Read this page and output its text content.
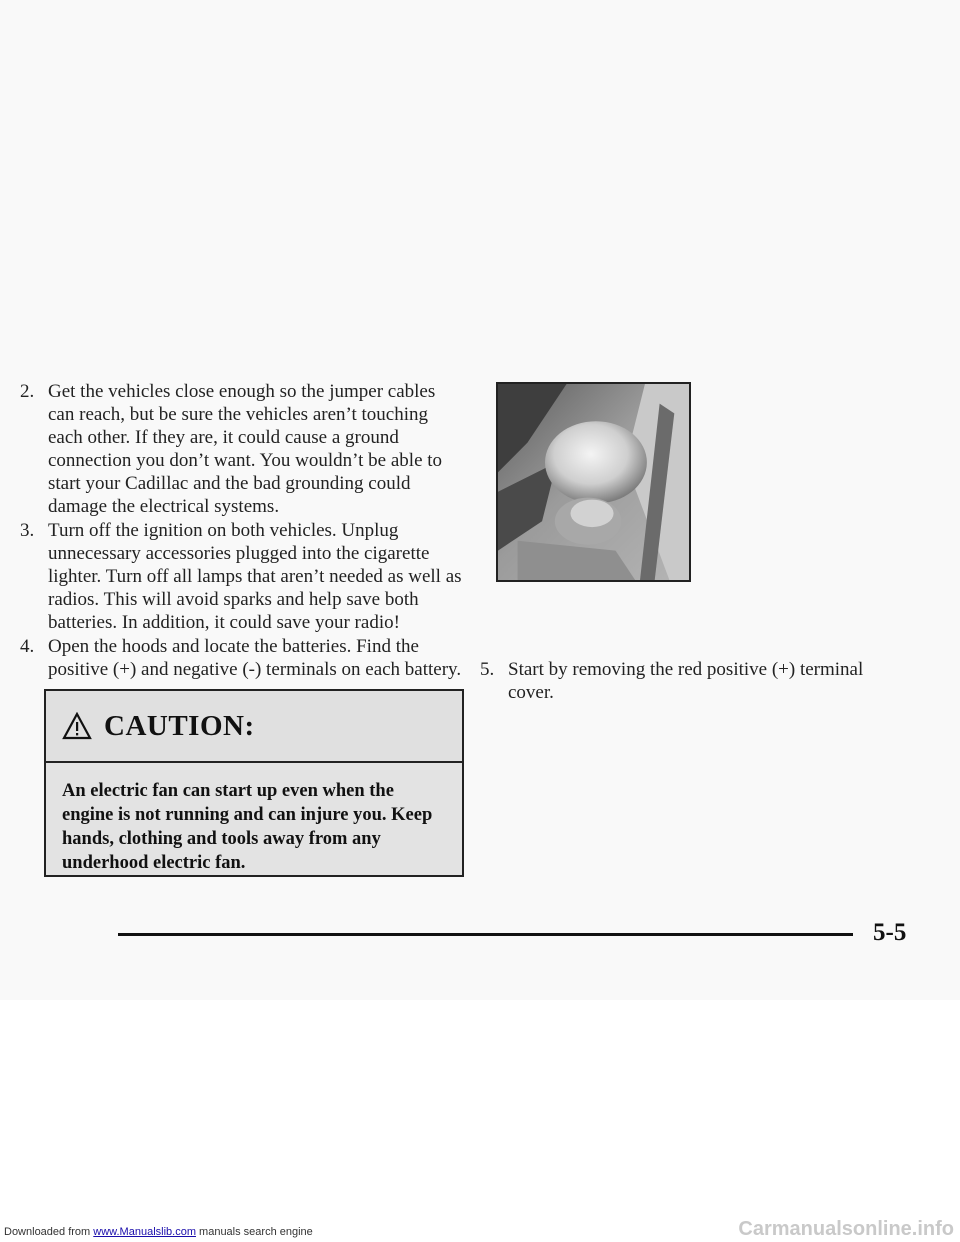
2. Get the vehicles close enough so the jumper cables can reach, but be sure the vehicles aren’t touching each other. If they are, it could cause a ground connection you don’t want. You wouldn’t be able to start your Cadillac and the bad grounding could damage the electrical systems.
3. Turn off the ignition on both vehicles. Unplug unnecessary accessories plugged into the cigarette lighter. Turn off all lamps that aren’t needed as well as radios. This will avoid sparks and help save both batteries. In addition, it could save your radio!
4. Open the hoods and locate the batteries. Find the positive (+) and negative (-) terminals on each battery.
CAUTION:
An electric fan can start up even when the engine is not running and can injure you. Keep hands, clothing and tools away from any underhood electric fan.
5. Start by removing the red positive (+) terminal cover.
5-5
Downloaded from www.Manualslib.com manuals search engine	Carmanualsonline.info
